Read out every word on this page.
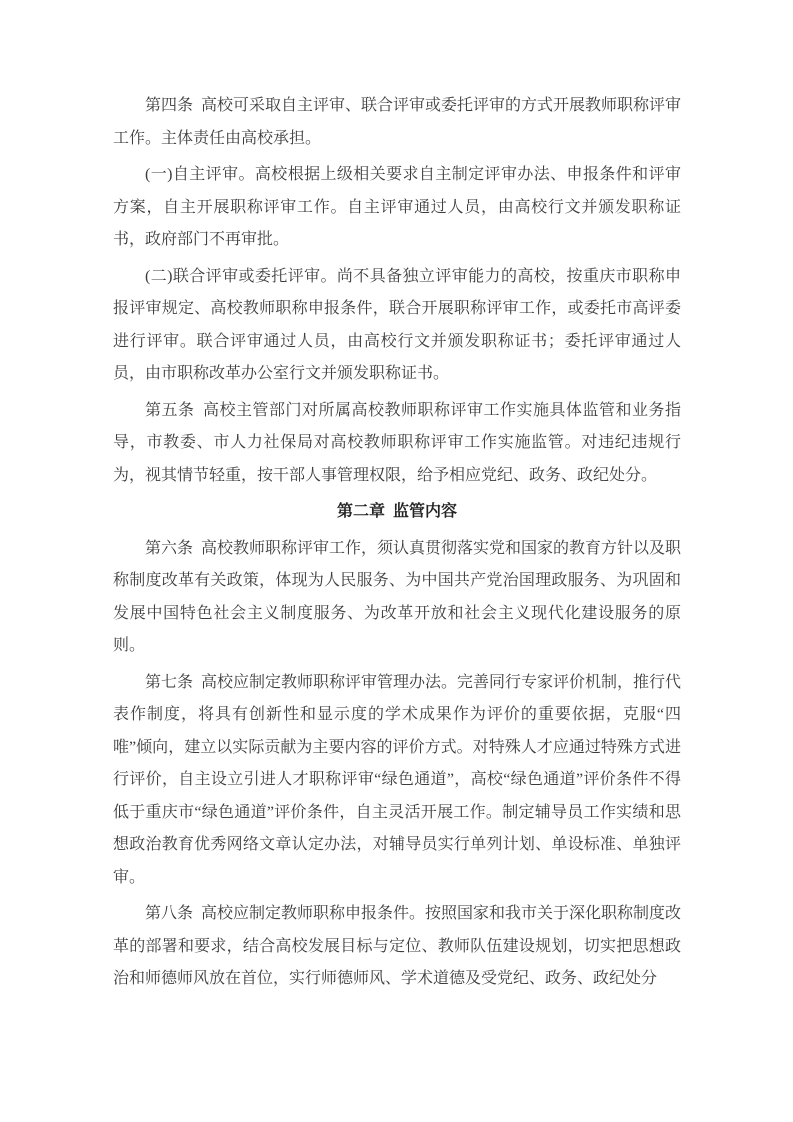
第四条 高校可采取自主评审、联合评审或委托评审的方式开展教师职称评审工作。主体责任由高校承担。

(一)自主评审。高校根据上级相关要求自主制定评审办法、申报条件和评审方案，自主开展职称评审工作。自主评审通过人员，由高校行文并颁发职称证书，政府部门不再审批。

(二)联合评审或委托评审。尚不具备独立评审能力的高校，按重庆市职称申报评审规定、高校教师职称申报条件，联合开展职称评审工作，或委托市高评委进行评审。联合评审通过人员，由高校行文并颁发职称证书；委托评审通过人员，由市职称改革办公室行文并颁发职称证书。

第五条 高校主管部门对所属高校教师职称评审工作实施具体监管和业务指导，市教委、市人力社保局对高校教师职称评审工作实施监管。对违纪违规行为，视其情节轻重，按干部人事管理权限，给予相应党纪、政务、政纪处分。

第二章 监管内容

第六条 高校教师职称评审工作，须认真贯彻落实党和国家的教育方针以及职称制度改革有关政策，体现为人民服务、为中国共产党治国理政服务、为巩固和发展中国特色社会主义制度服务、为改革开放和社会主义现代化建设服务的原则。

第七条 高校应制定教师职称评审管理办法。完善同行专家评价机制，推行代表作制度，将具有创新性和显示度的学术成果作为评价的重要依据，克服“四唯”倾向，建立以实际贡献为主要内容的评价方式。对特殊人才应通过特殊方式进行评价，自主设立引进人才职称评审“绿色通道”，高校“绿色通道”评价条件不得低于重庆市“绿色通道”评价条件，自主灵活开展工作。制定辅导员工作实绩和思想政治教育优秀网络文章认定办法，对辅导员实行单列计划、单设标准、单独评审。

第八条 高校应制定教师职称申报条件。按照国家和我市关于深化职称制度改革的部署和要求，结合高校发展目标与定位、教师队伍建设规划，切实把思想政治和师德师风放在首位，实行师德师风、学术道德及受党纪、政务、政纪处分
